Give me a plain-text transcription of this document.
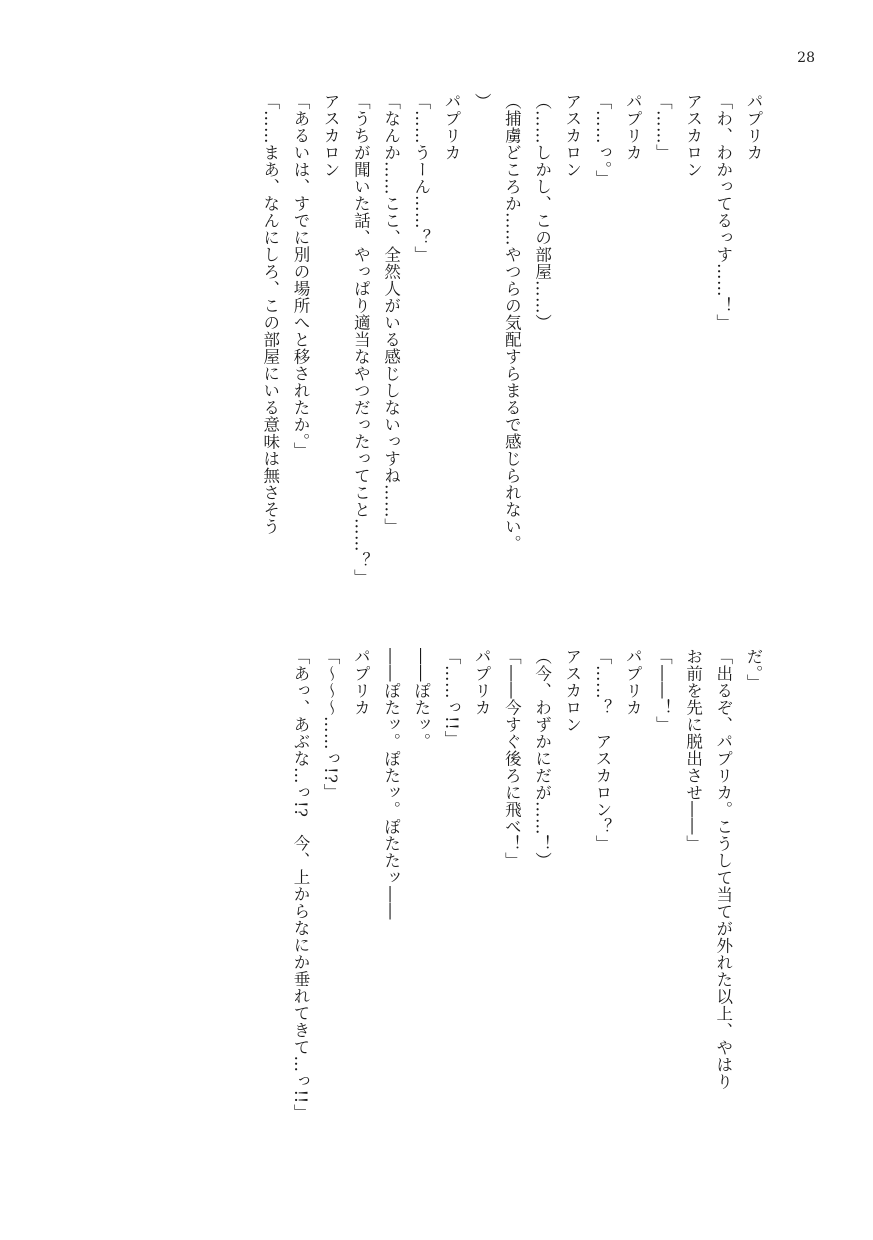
28
パプリカ
「わ、わかってるっす……！」
アスカロン
「……」
パプリカ
「……っ。」
アスカロン
（……しかし、この部屋……）
（捕虜どころか……やつらの気配すらまるで感じられない。
）
パプリカ
「……うーん……？」
「なんか……ここ、全然人がいる感じしないっすね……」
「うちが聞いた話、やっぱり適当なやつだったってこと……？」
アスカロン
「あるいは、すでに別の場所へと移されたか。」
「……まあ、なんにしろ、この部屋にいる意味は無さそう
だ。」
「出るぞ、パプリカ。こうして当てが外れた以上、やはり
お前を先に脱出させ――」
「――！」
パプリカ
「……？　アスカロン？」
アスカロン
（今、わずかにだが……！）
「――今すぐ後ろに飛べ！」
パプリカ
「……っ!!」
――ぽたッ。
――ぽたッ。ぽたッ。ぽたたッ――
パプリカ
「～～～……っ!?」
「あっ、あぶな…っ!?　今、上からなにか垂れてきて…っ!!」
